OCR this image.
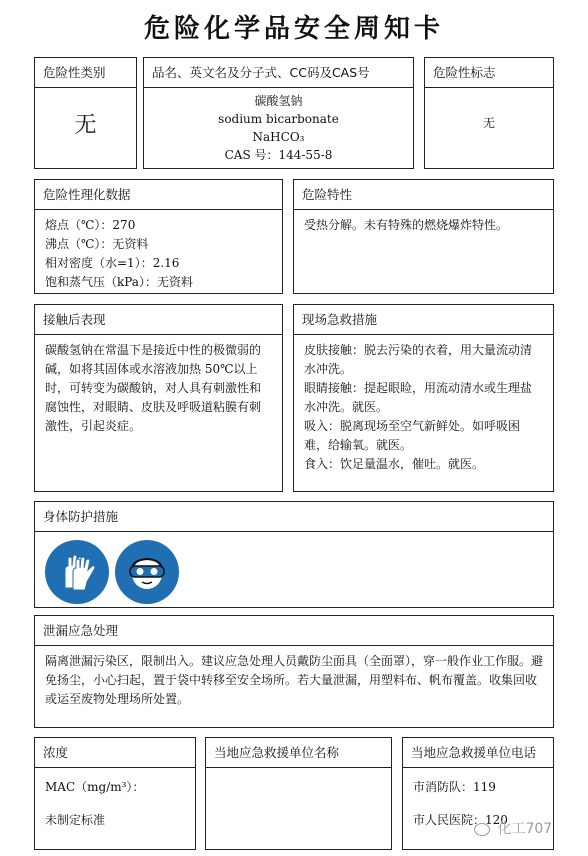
危险化学品安全周知卡
危险性类别
无
品名、英文名及分子式、CC码及CAS号
碳酸氢钠
sodium bicarbonate
NaHCO₃
CAS 号：144-55-8
危险性标志
无
危险性理化数据
熔点（℃）：270
沸点（℃）：无资料
相对密度（水=1）：2.16
饱和蒸气压（kPa）：无资料
危险特性
受热分解。未有特殊的燃烧爆炸特性。
接触后表现
碳酸氢钠在常温下是接近中性的极微弱的碱，如将其固体或水溶液加热 50℃以上时，可转变为碳酸钠，对人具有刺激性和腐蚀性，对眼睛、皮肤及呼吸道粘膜有刺激性，引起炎症。
现场急救措施
皮肤接触：脱去污染的衣着，用大量流动清水冲洗。
眼睛接触：提起眼睑，用流动清水或生理盐水冲洗。就医。
吸入：脱离现场至空气新鲜处。如呼吸困难，给输氧。就医。
食入：饮足量温水，催吐。就医。
身体防护措施
泄漏应急处理
隔离泄漏污染区，限制出入。建议应急处理人员戴防尘面具（全面罩），穿一般作业工作服。避免扬尘，小心扫起，置于袋中转移至安全场所。若大量泄漏，用塑料布、帆布覆盖。收集回收或运至废物处理场所处置。
浓度
MAC（mg/m³）：
未制定标准
当地应急救援单位名称	当地应急救援单位电话
市消防队：119
市人民医院：120
化工707
